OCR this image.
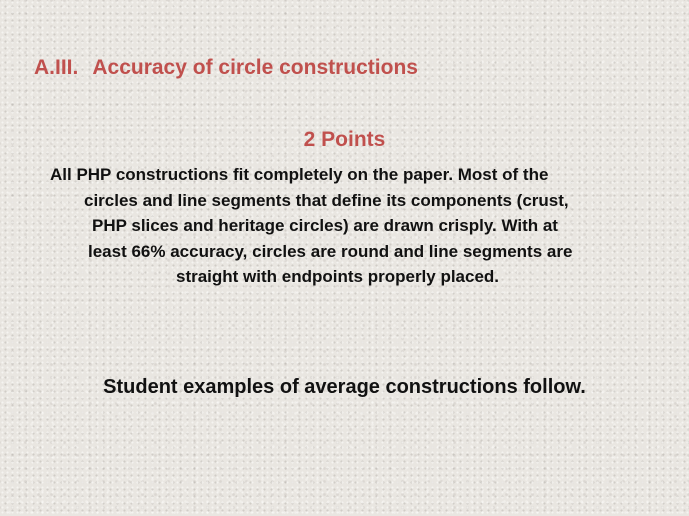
A.III. Accuracy of circle constructions
2 Points
All PHP constructions fit completely on the paper. Most of the
circles and line segments that define its components (crust,
PHP slices and heritage circles) are drawn crisply. With at
least 66% accuracy, circles are round and line segments are
straight with endpoints properly placed.
Student examples of average constructions follow.
